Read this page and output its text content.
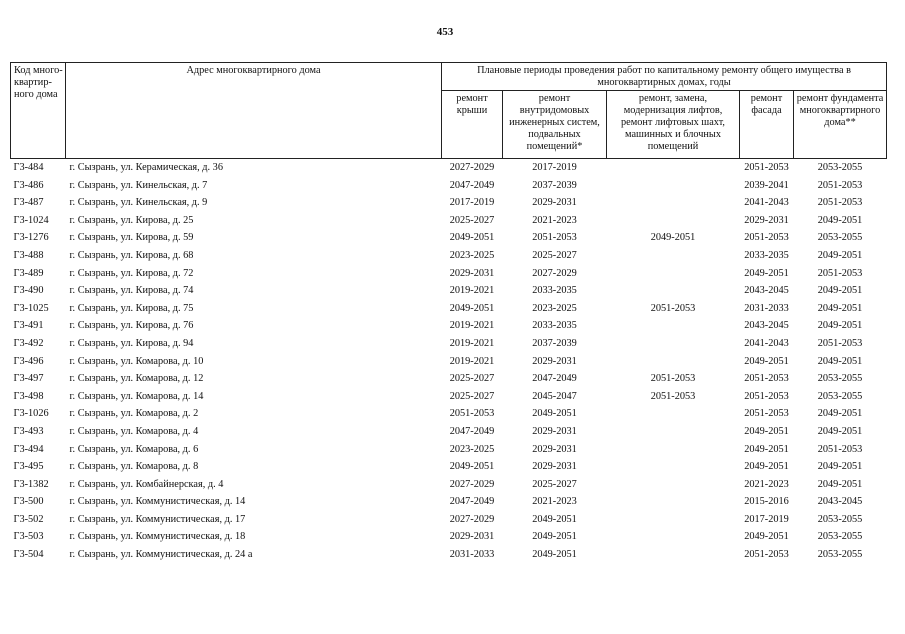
453
Код много-квартир-ного дома	Адрес многоквартирного дома	Плановые периоды проведения работ по капитальному ремонту общего имущества в многоквартирных домах, годы				
		ремонт крыши	ремонт внутридомовых инженерных систем, подвальных помещений*	ремонт, замена, модернизация лифтов, ремонт лифтовых шахт, машинных и блочных помещений	ремонт фасада	ремонт фундамента многоквартирного дома**
Г3-484	г. Сызрань, ул. Керамическая, д. 36	2027-2029	2017-2019		2051-2053	2053-2055
Г3-486	г. Сызрань, ул. Кинельская, д. 7	2047-2049	2037-2039		2039-2041	2051-2053
Г3-487	г. Сызрань, ул. Кинельская, д. 9	2017-2019	2029-2031		2041-2043	2051-2053
Г3-1024	г. Сызрань, ул. Кирова, д. 25	2025-2027	2021-2023		2029-2031	2049-2051
Г3-1276	г. Сызрань, ул. Кирова, д. 59	2049-2051	2051-2053	2049-2051	2051-2053	2053-2055
Г3-488	г. Сызрань, ул. Кирова, д. 68	2023-2025	2025-2027		2033-2035	2049-2051
Г3-489	г. Сызрань, ул. Кирова, д. 72	2029-2031	2027-2029		2049-2051	2051-2053
Г3-490	г. Сызрань, ул. Кирова, д. 74	2019-2021	2033-2035		2043-2045	2049-2051
Г3-1025	г. Сызрань, ул. Кирова, д. 75	2049-2051	2023-2025	2051-2053	2031-2033	2049-2051
Г3-491	г. Сызрань, ул. Кирова, д. 76	2019-2021	2033-2035		2043-2045	2049-2051
Г3-492	г. Сызрань, ул. Кирова, д. 94	2019-2021	2037-2039		2041-2043	2051-2053
Г3-496	г. Сызрань, ул. Комарова, д. 10	2019-2021	2029-2031		2049-2051	2049-2051
Г3-497	г. Сызрань, ул. Комарова, д. 12	2025-2027	2047-2049	2051-2053	2051-2053	2053-2055
Г3-498	г. Сызрань, ул. Комарова, д. 14	2025-2027	2045-2047	2051-2053	2051-2053	2053-2055
Г3-1026	г. Сызрань, ул. Комарова, д. 2	2051-2053	2049-2051		2051-2053	2049-2051
Г3-493	г. Сызрань, ул. Комарова, д. 4	2047-2049	2029-2031		2049-2051	2049-2051
Г3-494	г. Сызрань, ул. Комарова, д. 6	2023-2025	2029-2031		2049-2051	2051-2053
Г3-495	г. Сызрань, ул. Комарова, д. 8	2049-2051	2029-2031		2049-2051	2049-2051
Г3-1382	г. Сызрань, ул. Комбайнерская, д. 4	2027-2029	2025-2027		2021-2023	2049-2051
Г3-500	г. Сызрань, ул. Коммунистическая, д. 14	2047-2049	2021-2023		2015-2016	2043-2045
Г3-502	г. Сызрань, ул. Коммунистическая, д. 17	2027-2029	2049-2051		2017-2019	2053-2055
Г3-503	г. Сызрань, ул. Коммунистическая, д. 18	2029-2031	2049-2051		2049-2051	2053-2055
Г3-504	г. Сызрань, ул. Коммунистическая, д. 24 а	2031-2033	2049-2051		2051-2053	2053-2055
